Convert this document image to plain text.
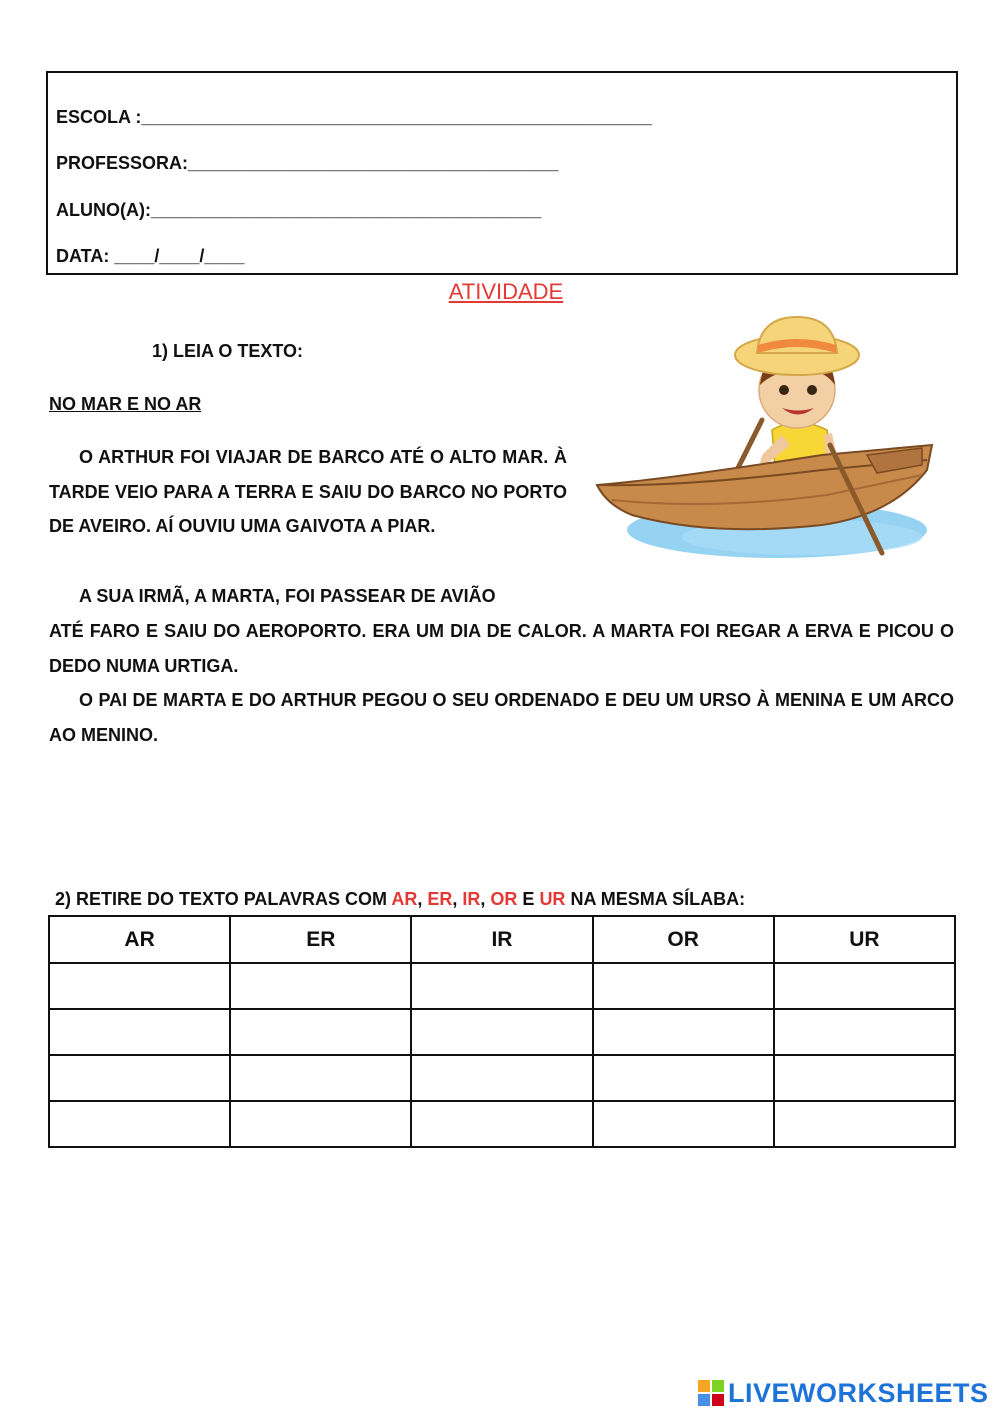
ESCOLA :___________________________________________________
PROFESSORA:_____________________________________
ALUNO(A):_______________________________________
DATA: ____/____/____
ATIVIDADE
1) LEIA O TEXTO:
NO MAR E NO AR
O ARTHUR FOI VIAJAR DE BARCO ATÉ O ALTO MAR. À TARDE VEIO PARA A TERRA E SAIU DO BARCO NO PORTO DE AVEIRO. AÍ OUVIU UMA GAIVOTA A PIAR.
A SUA IRMÃ, A MARTA, FOI PASSEAR DE AVIÃO
ATÉ FARO E SAIU DO AEROPORTO. ERA UM DIA DE CALOR. A MARTA FOI REGAR A ERVA E PICOU O DEDO NUMA URTIGA.
O PAI DE MARTA E DO ARTHUR PEGOU O SEU ORDENADO E DEU UM URSO À MENINA E UM ARCO AO MENINO.
2) RETIRE DO TEXTO PALAVRAS COM AR, ER, IR, OR E UR NA MESMA SÍLABA:
AR	ER	IR	OR	UR

LIVEWORKSHEETS
